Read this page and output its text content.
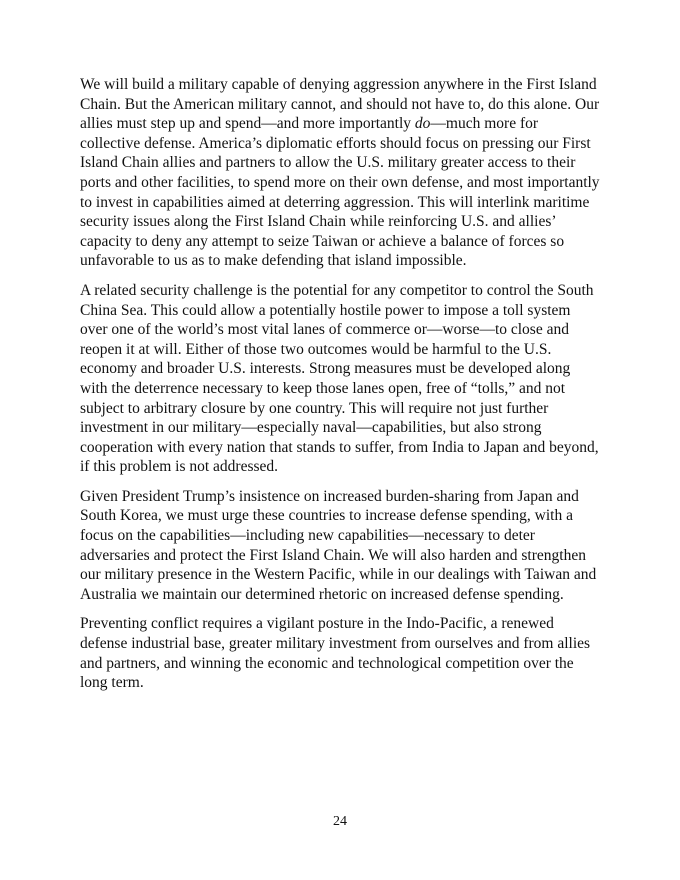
We will build a military capable of denying aggression anywhere in the First Island Chain. But the American military cannot, and should not have to, do this alone. Our allies must step up and spend—and more importantly do—much more for collective defense. America’s diplomatic efforts should focus on pressing our First Island Chain allies and partners to allow the U.S. military greater access to their ports and other facilities, to spend more on their own defense, and most importantly to invest in capabilities aimed at deterring aggression. This will interlink maritime security issues along the First Island Chain while reinforcing U.S. and allies’ capacity to deny any attempt to seize Taiwan or achieve a balance of forces so unfavorable to us as to make defending that island impossible.

A related security challenge is the potential for any competitor to control the South China Sea. This could allow a potentially hostile power to impose a toll system over one of the world’s most vital lanes of commerce or—worse—to close and reopen it at will. Either of those two outcomes would be harmful to the U.S. economy and broader U.S. interests. Strong measures must be developed along with the deterrence necessary to keep those lanes open, free of “tolls,” and not subject to arbitrary closure by one country. This will require not just further investment in our military—especially naval—capabilities, but also strong cooperation with every nation that stands to suffer, from India to Japan and beyond, if this problem is not addressed.

Given President Trump’s insistence on increased burden-sharing from Japan and South Korea, we must urge these countries to increase defense spending, with a focus on the capabilities—including new capabilities—necessary to deter adversaries and protect the First Island Chain. We will also harden and strengthen our military presence in the Western Pacific, while in our dealings with Taiwan and Australia we maintain our determined rhetoric on increased defense spending.

Preventing conflict requires a vigilant posture in the Indo-Pacific, a renewed defense industrial base, greater military investment from ourselves and from allies and partners, and winning the economic and technological competition over the long term.

24
